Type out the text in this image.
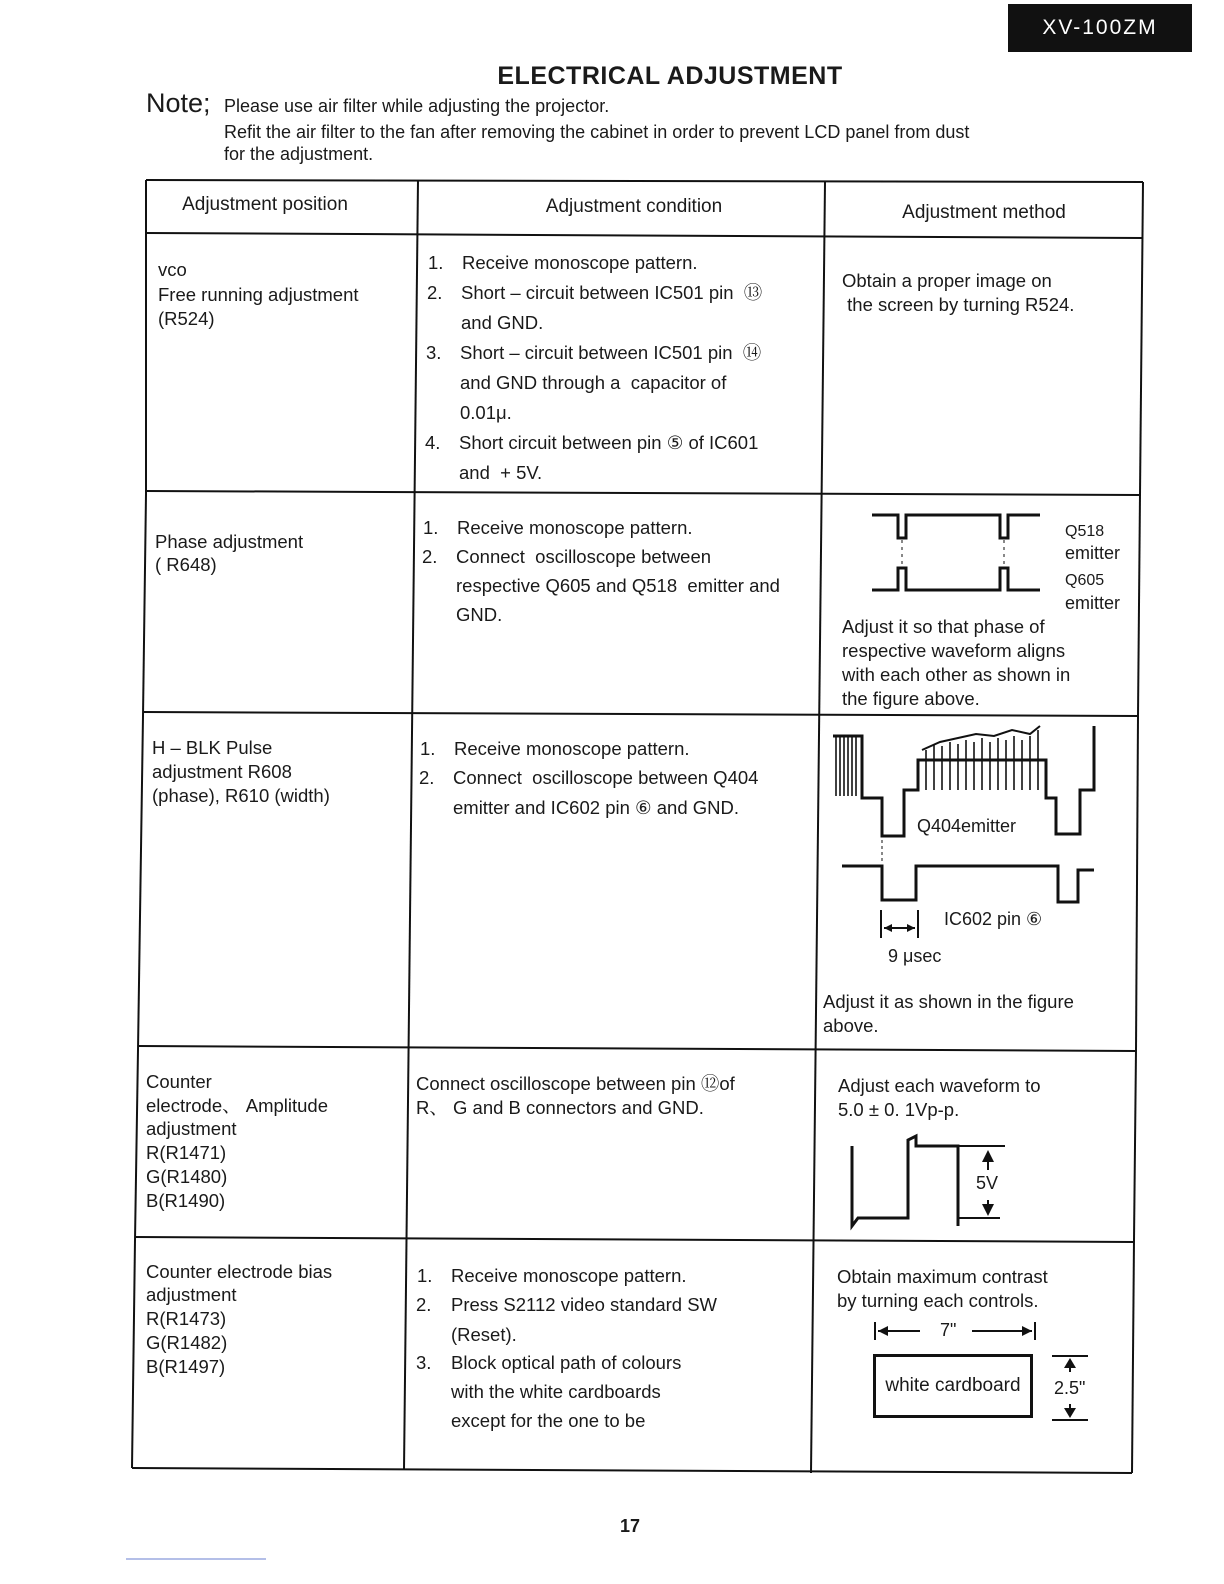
XV-100ZM
ELECTRICAL ADJUSTMENT
Note; Please use air filter while adjusting the projector.
Refit the air filter to the fan after removing the cabinet in order to prevent LCD panel from dust
for the adjustment.
Adjustment position	Adjustment condition	Adjustment method
vco
Free running adjustment
(R524)
1. Receive monoscope pattern.
2. Short – circuit between IC501 pin  ⑬
and GND.
3. Short – circuit between IC501 pin  ⑭
and GND through a  capacitor of
0.01μ.
4. Short circuit between pin ⑤ of IC601
and  + 5V.
Obtain a proper image on
the screen by turning R524.
Phase adjustment
( R648)
1. Receive monoscope pattern.
2. Connect  oscilloscope between
respective Q605 and Q518  emitter and
GND.
Q518
emitter
Q605
emitter
Adjust it so that phase of
respective waveform aligns
with each other as shown in
the figure above.
H – BLK Pulse
adjustment R608
(phase), R610 (width)
1. Receive monoscope pattern.
2. Connect  oscilloscope between Q404
emitter and IC602 pin ⑥ and GND.
Q404emitter
IC602 pin ⑥
9 μsec
Adjust it as shown in the figure
above.
Counter
electrode、 Amplitude
adjustment
R(R1471)
G(R1480)
B(R1490)
Connect oscilloscope between pin ⑫of
R、 G and B connectors and GND.
Adjust each waveform to
5.0 ± 0. 1Vp-p.
5V
Counter electrode bias
adjustment
R(R1473)
G(R1482)
B(R1497)
1. Receive monoscope pattern.
2. Press S2112 video standard SW
(Reset).
3. Block optical path of colours
with the white cardboards
except for the one to be
Obtain maximum contrast
by turning each controls.
7"
white cardboard 2.5"
17
